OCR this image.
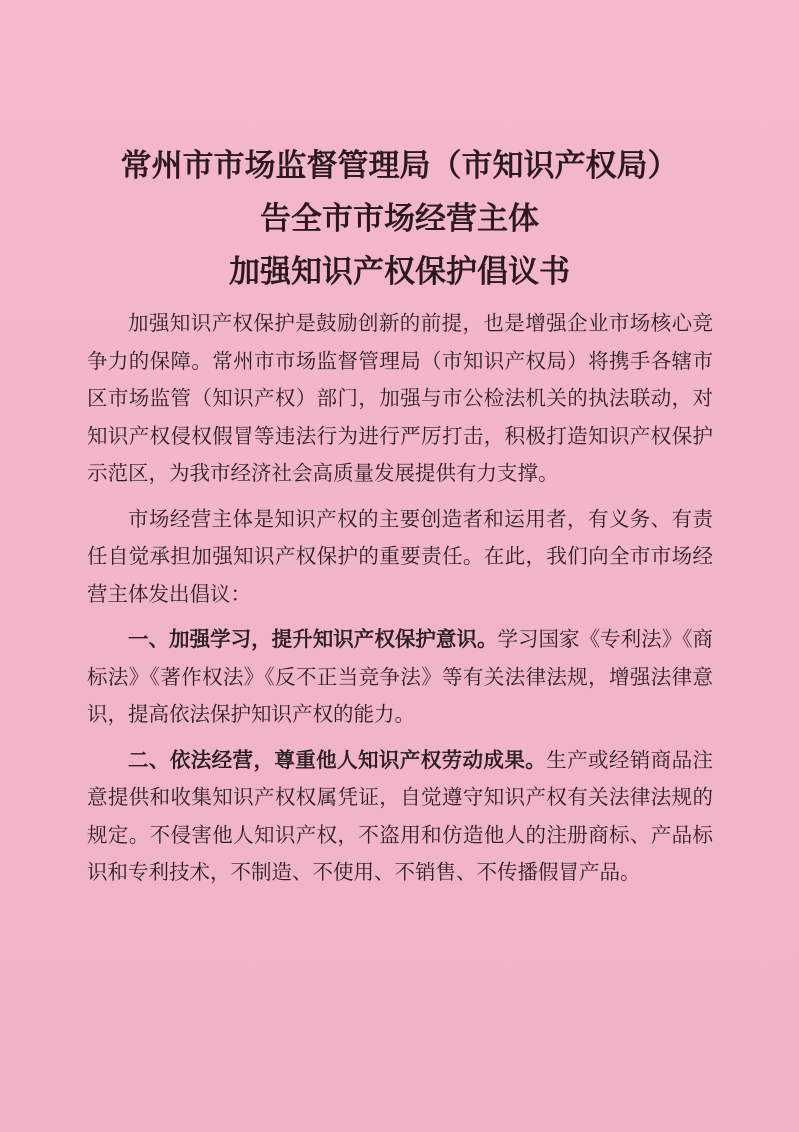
常州市市场监督管理局（市知识产权局）
告全市市场经营主体
加强知识产权保护倡议书

加强知识产权保护是鼓励创新的前提，也是增强企业市场核心竞争力的保障。常州市市场监督管理局（市知识产权局）将携手各辖市区市场监管（知识产权）部门，加强与市公检法机关的执法联动，对知识产权侵权假冒等违法行为进行严厉打击，积极打造知识产权保护示范区，为我市经济社会高质量发展提供有力支撑。

市场经营主体是知识产权的主要创造者和运用者，有义务、有责任自觉承担加强知识产权保护的重要责任。在此，我们向全市市场经营主体发出倡议：

一、加强学习，提升知识产权保护意识。学习国家《专利法》《商标法》《著作权法》《反不正当竞争法》等有关法律法规，增强法律意识，提高依法保护知识产权的能力。

二、依法经营，尊重他人知识产权劳动成果。生产或经销商品注意提供和收集知识产权权属凭证，自觉遵守知识产权有关法律法规的规定。不侵害他人知识产权，不盗用和仿造他人的注册商标、产品标识和专利技术，不制造、不使用、不销售、不传播假冒产品。
